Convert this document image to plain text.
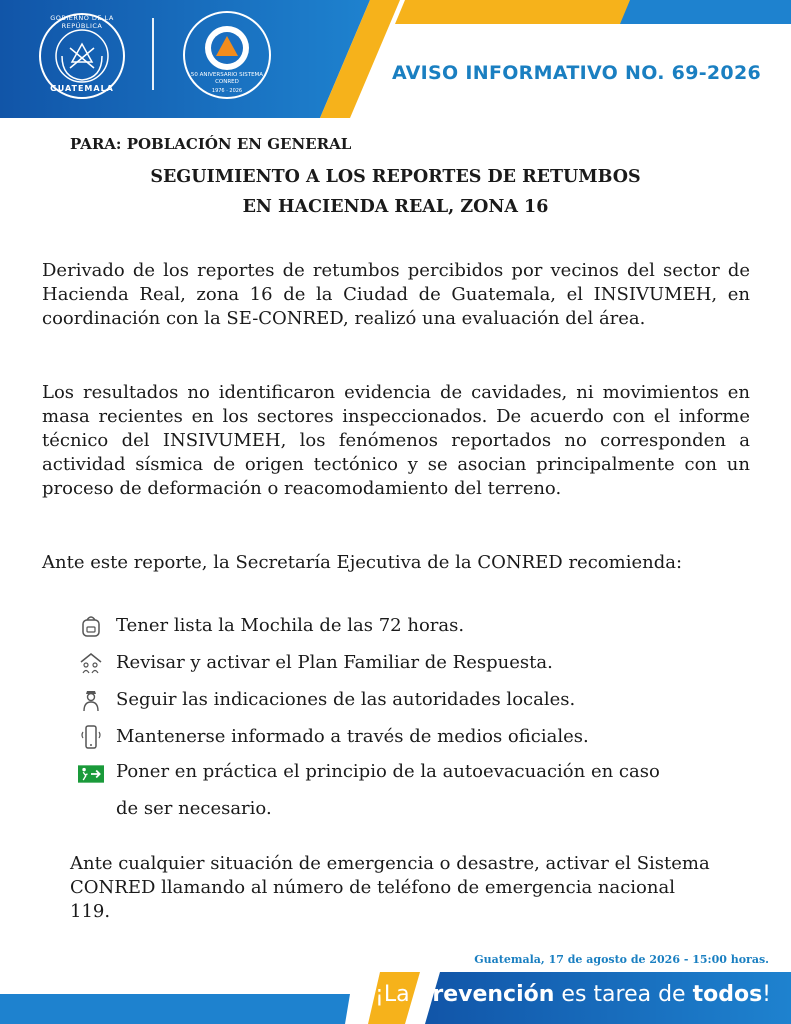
GOBIERNO DE LA REPÚBLICA
GUATEMALA
50 ANIVERSARIO SISTEMA CONRED
1976 · 2026
AVISO INFORMATIVO NO. 69-2026
PARA: POBLACIÓN EN GENERAL
SEGUIMIENTO A LOS REPORTES DE RETUMBOS
EN HACIENDA REAL, ZONA 16
Derivado de los reportes de retumbos percibidos por vecinos del sector de Hacienda Real, zona 16 de la Ciudad de Guatemala, el INSIVUMEH, en coordinación con la SE-CONRED, realizó una evaluación del área.
Los resultados no identificaron evidencia de cavidades, ni movimientos en masa recientes en los sectores inspeccionados. De acuerdo con el informe técnico del INSIVUMEH, los fenómenos reportados no corresponden a actividad sísmica de origen tectónico y se asocian principalmente con un proceso de deformación o reacomodamiento del terreno.
Ante este reporte, la Secretaría Ejecutiva de la CONRED recomienda:
Tener lista la Mochila de las 72 horas.
Revisar y activar el Plan Familiar de Respuesta.
Seguir las indicaciones de las autoridades locales.
Mantenerse informado a través de medios oficiales.
Poner en práctica el principio de la autoevacuación en caso de ser necesario.
Ante cualquier situación de emergencia o desastre, activar el Sistema CONRED llamando al número de teléfono de emergencia nacional 119.
Guatemala, 17 de agosto de 2026 - 15:00 horas.
¡La prevención es tarea de todos!
